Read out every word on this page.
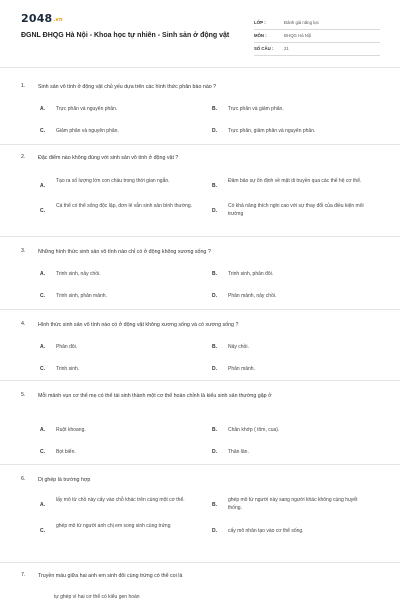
2048.vn
ĐGNL ĐHQG Hà Nội - Khoa học tự nhiên - Sinh sản ở động vật
LỚP :	Đánh giá năng lực
MÔN :	ĐHQG Hà Nội
SỐ CÂU : 21
1. Sinh sản vô tính ở động vật chủ yếu dựa trên các hình thức phân bào nào ?
A. Trực phân và nguyên phân.	B. Trực phân và giảm phân.
C. Giảm phân và nguyên phân.	D. Trực phân, giảm phân và nguyên phân.
2. Đặc điểm nào không đúng với sinh sản vô tính ở động vật ?
A.
Tạo ra số lượng lớn con cháu trong thời gian ngắn.
B.
Đảm bảo sự ổn định về mặt di truyền qua các thế hệ cơ thể.
C.
Cá thể có thể sống độc lập, đơn lẻ vẫn sinh sản bình thường.
D.
Có khả năng thích nghi cao với sự thay đổi của điều kiện môi trường
3. Những hình thức sinh sản vô tính nào chỉ có ở động không xương sống ?
A. Trinh sinh, nảy chồi.	B. Trinh sinh, phân đôi.
C. Trinh sinh, phân mảnh.	D. Phân mảnh, nảy chồi.
4. Hình thức sinh sản vô tính nào có ở động vật không xương sống và có xương sống ?
A. Phân đôi.	B. Nảy chồi.
C. Trinh sinh.	D. Phân mảnh.
5. Mỗi mảnh vụn cơ thể mẹ có thể tái sinh thành một cơ thể hoàn chỉnh là kiểu sinh sản thường gặp ở
A. Ruột khoang.	B. Chân khớp ( tôm, cua).
C. Bọt biển.	D. Thân lân.
6. Dị ghép là trường hợp
A.
lấy mô từ chồ này cấy vào chỗ khác trên cùng một cơ thể.
B.
ghép mô từ người này sang người khác không cùng huyết thống.
C.
ghép mô từ người anh chị em song sinh cùng trứng
D. cấy mô nhân tạo vào cơ thể sống.
7. Truyền máu giữa hai anh em sinh đôi cùng trứng có thể coi là
tự ghép vì hai cơ thể có kiểu gen hoàn
